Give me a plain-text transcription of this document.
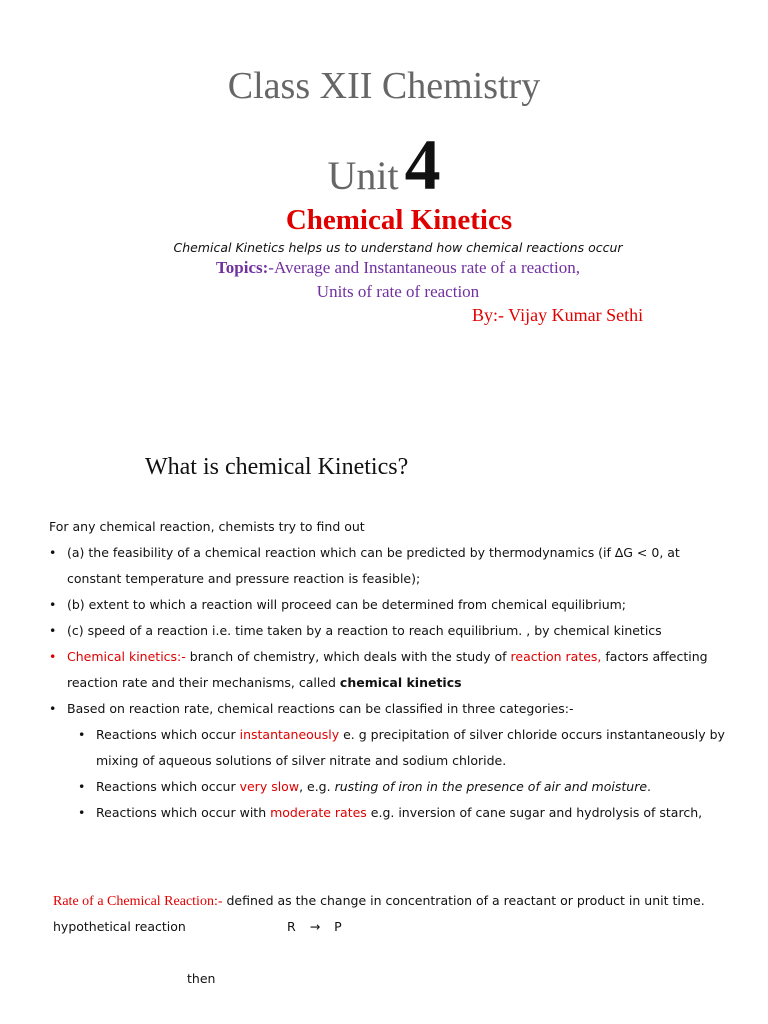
Class XII Chemistry
Unit4
Chemical Kinetics
Chemical Kinetics helps us to understand how chemical reactions occur
Topics:-Average and Instantaneous rate of a reaction,
Units of rate of reaction
By:- Vijay Kumar Sethi
What is chemical Kinetics?
For any chemical reaction, chemists try to find out
• (a) the feasibility of a chemical reaction which can be predicted by thermodynamics (if ∆G < 0, at constant temperature and pressure reaction is feasible);
• (b) extent to which a reaction will proceed can be determined from chemical equilibrium;
• (c) speed of a reaction i.e. time taken by a reaction to reach equilibrium. , by chemical kinetics
• Chemical kinetics:- branch of chemistry, which deals with the study of reaction rates, factors affecting reaction rate and their mechanisms, called chemical kinetics
• Based on reaction rate, chemical reactions can be classified in three categories:-
• Reactions which occur instantaneously e. g precipitation of silver chloride occurs instantaneously by mixing of aqueous solutions of silver nitrate and sodium chloride.
• Reactions which occur very slow, e.g. rusting of iron in the presence of air and moisture.
• Reactions which occur with moderate rates e.g. inversion of cane sugar and hydrolysis of starch,
Rate of a Chemical Reaction:- defined as the change in concentration of a reactant or product in unit time.
hypothetical reaction	R → P
then
